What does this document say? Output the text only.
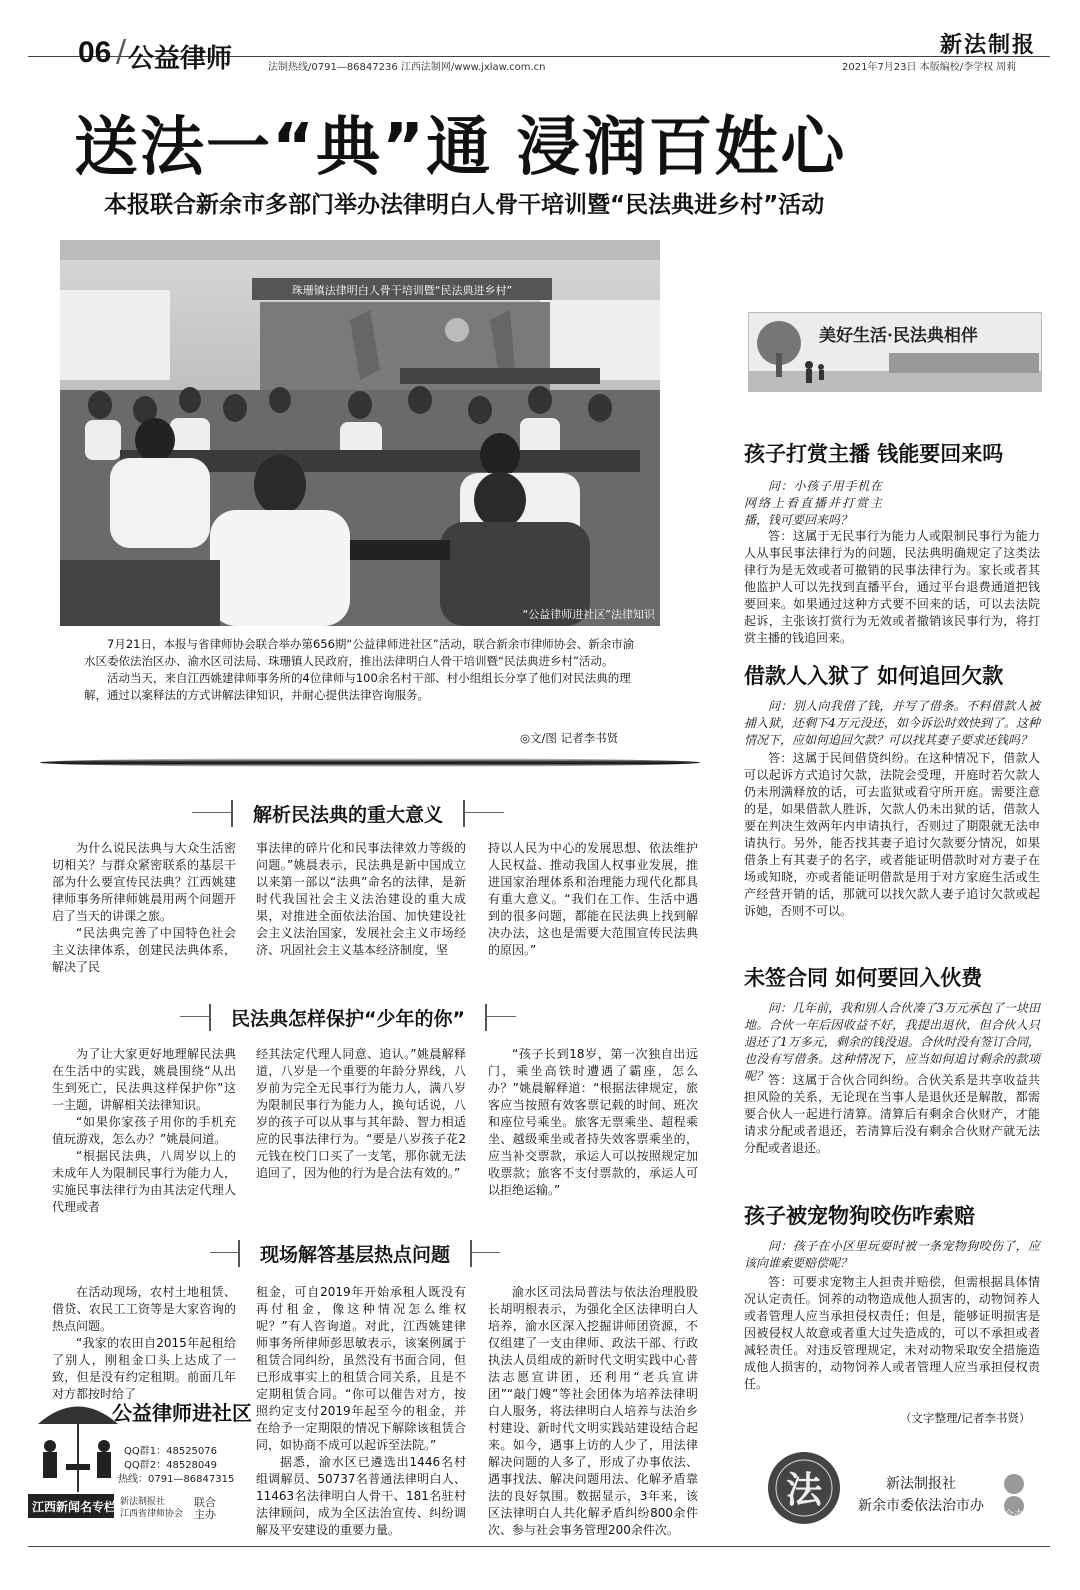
06 / 公益律师	法制热线/0791—86847236 江西法制网/www.jxlaw.com.cn
新法制报
2021年7月23日 本版编校/李学权 周莉
送法一“典”通 浸润百姓心
本报联合新余市多部门举办法律明白人骨干培训暨“民法典进乡村”活动
珠珊镇法律明白人骨干培训暨“民法典进乡村”
“公益律师进社区”法律知识

7月21日，本报与省律师协会联合举办第656期“公益律师进社区”活动，联合新余市律师协会、新余市渝水区委依法治区办、渝水区司法局、珠珊镇人民政府，推出法律明白人骨干培训暨“民法典进乡村”活动。

活动当天，来自江西姚建律师事务所的4位律师与100余名村干部、村小组组长分享了他们对民法典的理解，通过以案释法的方式讲解法律知识，并耐心提供法律咨询服务。

◎文/图 记者李书贤
解析民法典的重大意义

为什么说民法典与大众生活密切相关？与群众紧密联系的基层干部为什么要宣传民法典？江西姚建律师事务所律师姚晨用两个问题开启了当天的讲课之旅。

“民法典完善了中国特色社会主义法律体系，创建民法典体系，解决了民

事法律的碎片化和民事法律效力等级的问题。”姚晨表示，民法典是新中国成立以来第一部以“法典”命名的法律，是新时代我国社会主义法治建设的重大成果，对推进全面依法治国、加快建设社会主义法治国家，发展社会主义市场经济、巩固社会主义基本经济制度，坚

持以人民为中心的发展思想、依法维护人民权益、推动我国人权事业发展，推进国家治理体系和治理能力现代化都具有重大意义。“我们在工作、生活中遇到的很多问题，都能在民法典上找到解决办法，这也是需要大范围宣传民法典的原因。”

民法典怎样保护“少年的你”

为了让大家更好地理解民法典在生活中的实践，姚晨围绕“从出生到死亡，民法典这样保护你”这一主题，讲解相关法律知识。

“如果你家孩子用你的手机充值玩游戏，怎么办？”姚晨问道。

“根据民法典，八周岁以上的未成年人为限制民事行为能力人，实施民事法律行为由其法定代理人代理或者

经其法定代理人同意、追认。”姚晨解释道，八岁是一个重要的年龄分界线，八岁前为完全无民事行为能力人，满八岁为限制民事行为能力人，换句话说，八岁的孩子可以从事与其年龄、智力相适应的民事法律行为。“要是八岁孩子花2元钱在校门口买了一支笔，那你就无法追回了，因为他的行为是合法有效的。”

“孩子长到18岁，第一次独自出远门，乘坐高铁时遭遇了霸座，怎么办？”姚晨解释道：“根据法律规定，旅客应当按照有效客票记载的时间、班次和座位号乘坐。旅客无票乘坐、超程乘坐、越级乘坐或者持失效客票乘坐的，应当补交票款，承运人可以按照规定加收票款；旅客不支付票款的，承运人可以拒绝运输。”

现场解答基层热点问题

在活动现场，农村土地租赁、借贷、农民工工资等是大家咨询的热点问题。

“我家的农田自2015年起租给了别人，刚租金口头上达成了一致，但是没有约定租期。前面几年对方都按时给了

租金，可自2019年开始承租人既没有再付租金，像这种情况怎么维权呢？”有人咨询道。对此，江西姚建律师事务所律师彭思敏表示，该案例属于租赁合同纠纷，虽然没有书面合同，但已形成事实上的租赁合同关系，且是不定期租赁合同。“你可以催告对方，按照约定支付2019年起至今的租金，并在给予一定期限的情况下解除该租赁合同，如协商不成可以起诉至法院。”

据悉，渝水区已遴选出1446名村组调解员、50737名普通法律明白人、11463名法律明白人骨干、181名驻村法律顾问，成为全区法治宣传、纠纷调解及平安建设的重要力量。

渝水区司法局普法与依法治理股股长胡明根表示，为强化全区法律明白人培养，渝水区深入挖掘讲师团资源，不仅组建了一支由律师、政法干部、行政执法人员组成的新时代文明实践中心普法志愿宣讲团，还利用“老兵宣讲团”“敲门嫂”等社会团体为培养法律明白人服务，将法律明白人培养与法治乡村建设、新时代文明实践站建设结合起来。如今，遇事上访的人少了，用法律解决问题的人多了，形成了办事依法、遇事找法、解决问题用法、化解矛盾靠法的良好氛围。数据显示，3年来，该区法律明白人共化解矛盾纠纷800余件次、参与社会事务管理200余件次。

公益律师进社区
QQ群1：48525076
QQ群2：48528049
热线：0791—86847315
江西新闻名专栏 新法制报社
江西省律师协会
联合
主办
美好生活·民法典相伴
孩子打赏主播 钱能要回来吗

问：小孩子用手机在网络上看直播并打赏主播，钱可要回来吗？

答：这属于无民事行为能力人或限制民事行为能力人从事民事法律行为的问题，民法典明确规定了这类法律行为是无效或者可撤销的民事法律行为。家长或者其他监护人可以先找到直播平台，通过平台退费通道把钱要回来。如果通过这种方式要不回来的话，可以去法院起诉，主张该打赏行为无效或者撤销该民事行为，将打赏主播的钱追回来。

借款人入狱了 如何追回欠款

问：别人向我借了钱，并写了借条。不料借款人被捕入狱，还剩下4万元没还，如今诉讼时效快到了。这种情况下，应如何追回欠款？可以找其妻子要求还钱吗？

答：这属于民间借贷纠纷。在这种情况下，借款人可以起诉方式追讨欠款，法院会受理，开庭时若欠款人仍未刑满释放的话，可去监狱或看守所开庭。需要注意的是，如果借款人胜诉，欠款人仍未出狱的话，借款人要在判决生效两年内申请执行，否则过了期限就无法申请执行。另外，能否找其妻子追讨欠款要分情况，如果借条上有其妻子的名字，或者能证明借款时对方妻子在场或知晓，亦或者能证明借款是用于对方家庭生活或生产经营开销的话，那就可以找欠款人妻子追讨欠款或起诉她，否则不可以。

未签合同 如何要回入伙费

问：几年前，我和别人合伙凑了3万元承包了一块田地。合伙一年后因收益不好，我提出退伙，但合伙人只退还了1万多元，剩余的钱没退。合伙时没有签订合同，也没有写借条。这种情况下，应当如何追讨剩余的款项呢？ 答：这属于合伙合同纠纷。合伙关系是共享收益共担风险的关系，无论现在当事人是退伙还是解散，都需要合伙人一起进行清算。清算后有剩余合伙财产，才能请求分配或者退还，若清算后没有剩余合伙财产就无法分配或者退还。

孩子被宠物狗咬伤咋索赔

问：孩子在小区里玩耍时被一条宠物狗咬伤了，应该向谁索要赔偿呢？

答：可要求宠物主人担责并赔偿，但需根据具体情况认定责任。饲养的动物造成他人损害的，动物饲养人或者管理人应当承担侵权责任；但是，能够证明损害是因被侵权人故意或者重大过失造成的，可以不承担或者减轻责任。对违反管理规定，未对动物采取安全措施造成他人损害的，动物饲养人或者管理人应当承担侵权责任。

（文字整理/记者李书贤）
法	新法制报社
新余市委依法治市办
合办
